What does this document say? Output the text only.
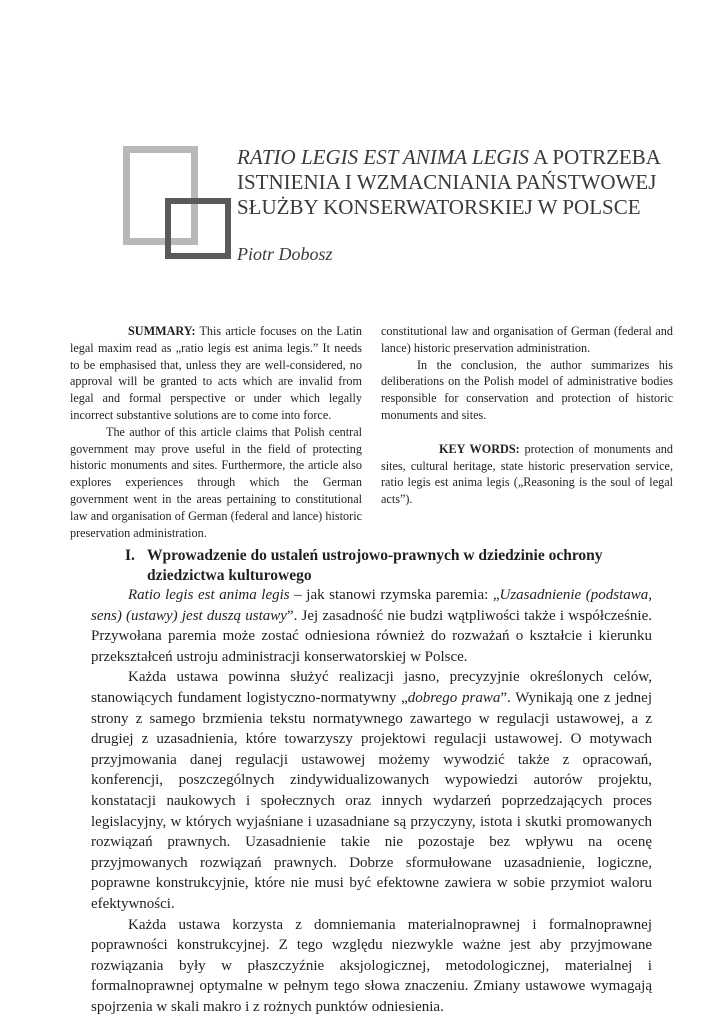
RATIO LEGIS EST ANIMA LEGIS A POTRZEBA ISTNIENIA I WZMACNIANIA PAŃSTWOWEJ SŁUŻBY KONSERWATORSKIEJ W POLSCE

Piotr Dobosz

SUMMARY: This article focuses on the Latin legal maxim read as „ratio legis est anima legis.” It needs to be emphasised that, unless they are well-considered, no approval will be granted to acts which are invalid from legal and formal perspective or under which legally incorrect substantive solutions are to come into force.

The author of this article claims that Polish central government may prove useful in the field of protecting historic monuments and sites. Furthermore, the article also explores experiences through which the German government went in the areas pertaining to constitutional law and organisation of German (federal and lance) historic preservation administration.

constitutional law and organisation of German (federal and lance) historic preservation administration.

In the conclusion, the author summarizes his deliberations on the Polish model of administrative bodies responsible for conservation and protection of historic monuments and sites.

KEY WORDS: protection of monuments and sites, cultural heritage, state historic preservation service, ratio legis est anima legis („Reasoning is the soul of legal acts”).

I. Wprowadzenie do ustaleń ustrojowo-prawnych w dziedzinie ochrony
dziedzictwa kulturowego

Ratio legis est anima legis – jak stanowi rzymska paremia: „Uzasadnienie (podstawa, sens) (ustawy) jest duszą ustawy”. Jej zasadność nie budzi wątpliwości także i współcześnie. Przywołana paremia może zostać odniesiona również do rozważań o kształcie i kierunku przekształceń ustroju administracji konserwatorskiej w Polsce.

Każda ustawa powinna służyć realizacji jasno, precyzyjnie określonych celów, stanowiących fundament logistyczno-normatywny „dobrego prawa”. Wynikają one z jednej strony z samego brzmienia tekstu normatywnego zawartego w regulacji ustawowej, a z drugiej z uzasadnienia, które towarzyszy projektowi regulacji ustawowej. O motywach przyjmowania danej regulacji ustawowej możemy wywodzić także z opracowań, konferencji, poszczególnych zindywidualizowanych wypowiedzi autorów projektu, konstatacji naukowych i społecznych oraz innych wydarzeń poprzedzających proces legislacyjny, w których wyjaśniane i uzasadniane są przyczyny, istota i skutki promowanych rozwiązań prawnych. Uzasadnienie takie nie pozostaje bez wpływu na ocenę przyjmowanych rozwiązań prawnych. Dobrze sformułowane uzasadnienie, logiczne, poprawne konstrukcyjnie, które nie musi być efektowne zawiera w sobie przymiot waloru efektywności.

Każda ustawa korzysta z domniemania materialnoprawnej i formalnoprawnej poprawności konstrukcyjnej. Z tego względu niezwykle ważne jest aby przyjmowane rozwiązania były w płaszczyźnie aksjologicznej, metodologicznej, materialnej i formalnoprawnej optymalne w pełnym tego słowa znaczeniu. Zmiany ustawowe wymagają spojrzenia w skali makro i z rożnych punktów odniesienia.
